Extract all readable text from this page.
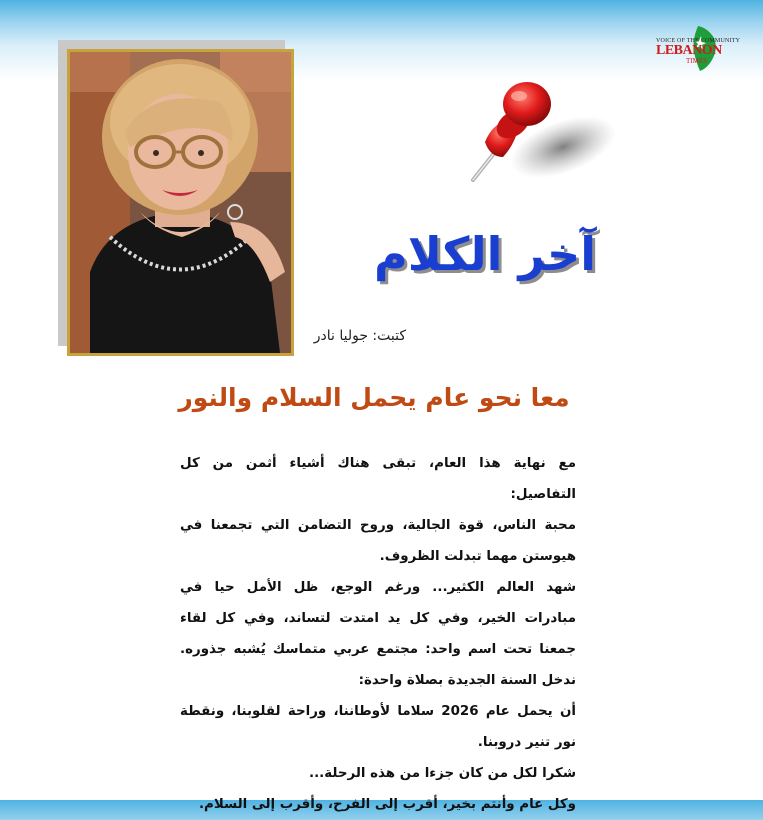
VOICE OF THE COMMUNITY
LEBANON
TIMES
آخر الكلام
كتبت: جوليا نادر
معا نحو عام يحمل السلام والنور
مع نهاية هذا العام، تبقى هناك أشياء أثمن من كل
التفاصيل:
محبة الناس، قوة الجالية، وروح التضامن التي تجمعنا في
هيوستن مهما تبدلت الظروف.
شهد العالم الكثير... ورغم الوجع، ظل الأمل حيا في
مبادرات الخير، وفي كل يد امتدت لتساند، وفي كل لقاء
جمعنا تحت اسم واحد: مجتمع عربي متماسك يُشبه جذوره.
ندخل السنة الجديدة بصلاة واحدة:
أن يحمل عام 2026 سلاما لأوطاننا، وراحة لقلوبنا، ونقطة
نور تنير دروبنا.
شكرا لكل من كان جزءا من هذه الرحلة...
وكل عام وأنتم بخير، أقرب إلى الفرح، وأقرب إلى السلام.
